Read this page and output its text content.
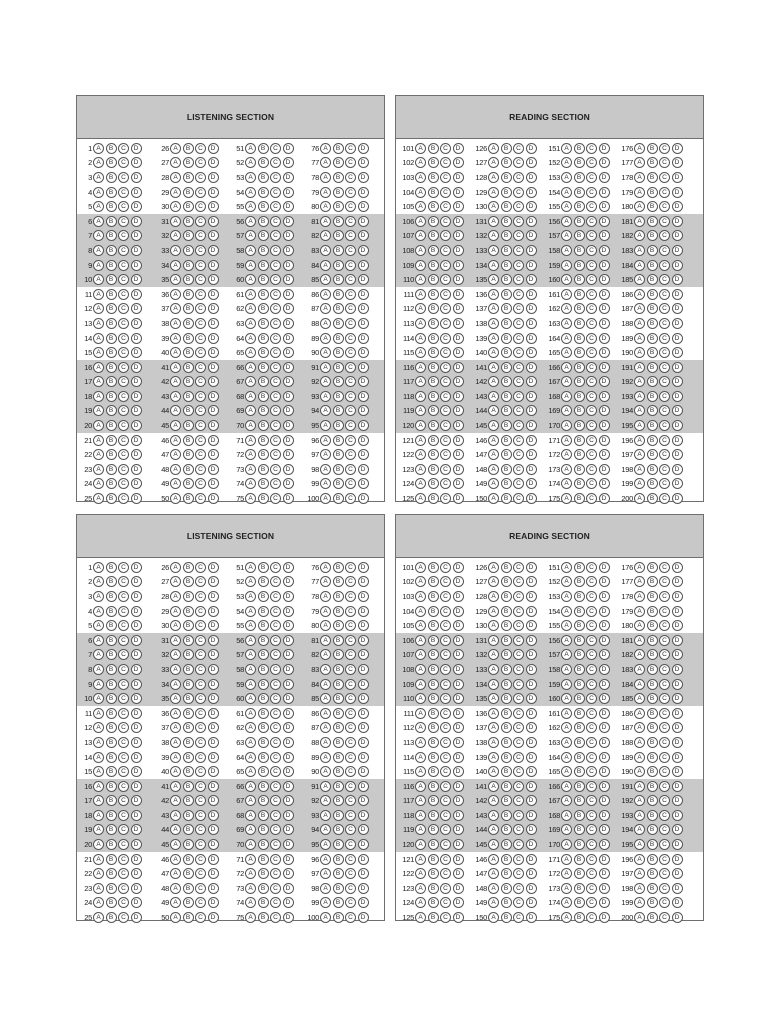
LISTENING SECTION
1 A	B	C	D	26 A	B	C	D	51 A	B	C	D	76 A	B	C	D
2 A	B	C	D	27 A	B	C	D	52 A	B	C	D	77 A	B	C	D
3 A	B	C	D	28 A	B	C	D	53 A	B	C	D	78 A	B	C	D
4 A	B	C	D	29 A	B	C	D	54 A	B	C	D	79 A	B	C	D
5 A	B	C	D	30 A	B	C	D	55 A	B	C	D	80 A	B	C	D
6 A	B	C	D	31 A	B	C	D	56 A	B	C	D	81 A	B	C	D
7 A	B	C	D	32 A	B	C	D	57 A	B	C	D	82 A	B	C	D
8 A	B	C	D	33 A	B	C	D	58 A	B	C	D	83 A	B	C	D
9 A	B	C	D	34 A	B	C	D	59 A	B	C	D	84 A	B	C	D
10 A	B	C	D	35 A	B	C	D	60 A	B	C	D	85 A	B	C	D
11 A	B	C	D	36 A	B	C	D	61 A	B	C	D	86 A	B	C	D
12 A	B	C	D	37 A	B	C	D	62 A	B	C	D	87 A	B	C	D
13 A	B	C	D	38 A	B	C	D	63 A	B	C	D	88 A	B	C	D
14 A	B	C	D	39 A	B	C	D	64 A	B	C	D	89 A	B	C	D
15 A	B	C	D	40 A	B	C	D	65 A	B	C	D	90 A	B	C	D
16 A	B	C	D	41 A	B	C	D	66 A	B	C	D	91 A	B	C	D
17 A	B	C	D	42 A	B	C	D	67 A	B	C	D	92 A	B	C	D
18 A	B	C	D	43 A	B	C	D	68 A	B	C	D	93 A	B	C	D
19 A	B	C	D	44 A	B	C	D	69 A	B	C	D	94 A	B	C	D
20 A	B	C	D	45 A	B	C	D	70 A	B	C	D	95 A	B	C	D
21 A	B	C	D	46 A	B	C	D	71 A	B	C	D	96 A	B	C	D
22 A	B	C	D	47 A	B	C	D	72 A	B	C	D	97 A	B	C	D
23 A	B	C	D	48 A	B	C	D	73 A	B	C	D	98 A	B	C	D
24 A	B	C	D	49 A	B	C	D	74 A	B	C	D	99 A	B	C	D
25 A	B	C	D	50 A	B	C	D	75 A	B	C	D	100 A	B	C	D
READING SECTION
101 A	B	C	D	126 A	B	C	D	151 A	B	C	D	176 A	B	C	D
102 A	B	C	D	127 A	B	C	D	152 A	B	C	D	177 A	B	C	D
103 A	B	C	D	128 A	B	C	D	153 A	B	C	D	178 A	B	C	D
104 A	B	C	D	129 A	B	C	D	154 A	B	C	D	179 A	B	C	D
105 A	B	C	D	130 A	B	C	D	155 A	B	C	D	180 A	B	C	D
106 A	B	C	D	131 A	B	C	D	156 A	B	C	D	181 A	B	C	D
107 A	B	C	D	132 A	B	C	D	157 A	B	C	D	182 A	B	C	D
108 A	B	C	D	133 A	B	C	D	158 A	B	C	D	183 A	B	C	D
109 A	B	C	D	134 A	B	C	D	159 A	B	C	D	184 A	B	C	D
110 A	B	C	D	135 A	B	C	D	160 A	B	C	D	185 A	B	C	D
111 A	B	C	D	136 A	B	C	D	161 A	B	C	D	186 A	B	C	D
112 A	B	C	D	137 A	B	C	D	162 A	B	C	D	187 A	B	C	D
113 A	B	C	D	138 A	B	C	D	163 A	B	C	D	188 A	B	C	D
114 A	B	C	D	139 A	B	C	D	164 A	B	C	D	189 A	B	C	D
115 A	B	C	D	140 A	B	C	D	165 A	B	C	D	190 A	B	C	D
116 A	B	C	D	141 A	B	C	D	166 A	B	C	D	191 A	B	C	D
117 A	B	C	D	142 A	B	C	D	167 A	B	C	D	192 A	B	C	D
118 A	B	C	D	143 A	B	C	D	168 A	B	C	D	193 A	B	C	D
119 A	B	C	D	144 A	B	C	D	169 A	B	C	D	194 A	B	C	D
120 A	B	C	D	145 A	B	C	D	170 A	B	C	D	195 A	B	C	D
121 A	B	C	D	146 A	B	C	D	171 A	B	C	D	196 A	B	C	D
122 A	B	C	D	147 A	B	C	D	172 A	B	C	D	197 A	B	C	D
123 A	B	C	D	148 A	B	C	D	173 A	B	C	D	198 A	B	C	D
124 A	B	C	D	149 A	B	C	D	174 A	B	C	D	199 A	B	C	D
125 A	B	C	D	150 A	B	C	D	175 A	B	C	D	200 A	B	C	D
LISTENING SECTION
1 A	B	C	D	26 A	B	C	D	51 A	B	C	D	76 A	B	C	D
2 A	B	C	D	27 A	B	C	D	52 A	B	C	D	77 A	B	C	D
3 A	B	C	D	28 A	B	C	D	53 A	B	C	D	78 A	B	C	D
4 A	B	C	D	29 A	B	C	D	54 A	B	C	D	79 A	B	C	D
5 A	B	C	D	30 A	B	C	D	55 A	B	C	D	80 A	B	C	D
6 A	B	C	D	31 A	B	C	D	56 A	B	C	D	81 A	B	C	D
7 A	B	C	D	32 A	B	C	D	57 A	B	C	D	82 A	B	C	D
8 A	B	C	D	33 A	B	C	D	58 A	B	C	D	83 A	B	C	D
9 A	B	C	D	34 A	B	C	D	59 A	B	C	D	84 A	B	C	D
10 A	B	C	D	35 A	B	C	D	60 A	B	C	D	85 A	B	C	D
11 A	B	C	D	36 A	B	C	D	61 A	B	C	D	86 A	B	C	D
12 A	B	C	D	37 A	B	C	D	62 A	B	C	D	87 A	B	C	D
13 A	B	C	D	38 A	B	C	D	63 A	B	C	D	88 A	B	C	D
14 A	B	C	D	39 A	B	C	D	64 A	B	C	D	89 A	B	C	D
15 A	B	C	D	40 A	B	C	D	65 A	B	C	D	90 A	B	C	D
16 A	B	C	D	41 A	B	C	D	66 A	B	C	D	91 A	B	C	D
17 A	B	C	D	42 A	B	C	D	67 A	B	C	D	92 A	B	C	D
18 A	B	C	D	43 A	B	C	D	68 A	B	C	D	93 A	B	C	D
19 A	B	C	D	44 A	B	C	D	69 A	B	C	D	94 A	B	C	D
20 A	B	C	D	45 A	B	C	D	70 A	B	C	D	95 A	B	C	D
21 A	B	C	D	46 A	B	C	D	71 A	B	C	D	96 A	B	C	D
22 A	B	C	D	47 A	B	C	D	72 A	B	C	D	97 A	B	C	D
23 A	B	C	D	48 A	B	C	D	73 A	B	C	D	98 A	B	C	D
24 A	B	C	D	49 A	B	C	D	74 A	B	C	D	99 A	B	C	D
25 A	B	C	D	50 A	B	C	D	75 A	B	C	D	100 A	B	C	D
READING SECTION
101 A	B	C	D	126 A	B	C	D	151 A	B	C	D	176 A	B	C	D
102 A	B	C	D	127 A	B	C	D	152 A	B	C	D	177 A	B	C	D
103 A	B	C	D	128 A	B	C	D	153 A	B	C	D	178 A	B	C	D
104 A	B	C	D	129 A	B	C	D	154 A	B	C	D	179 A	B	C	D
105 A	B	C	D	130 A	B	C	D	155 A	B	C	D	180 A	B	C	D
106 A	B	C	D	131 A	B	C	D	156 A	B	C	D	181 A	B	C	D
107 A	B	C	D	132 A	B	C	D	157 A	B	C	D	182 A	B	C	D
108 A	B	C	D	133 A	B	C	D	158 A	B	C	D	183 A	B	C	D
109 A	B	C	D	134 A	B	C	D	159 A	B	C	D	184 A	B	C	D
110 A	B	C	D	135 A	B	C	D	160 A	B	C	D	185 A	B	C	D
111 A	B	C	D	136 A	B	C	D	161 A	B	C	D	186 A	B	C	D
112 A	B	C	D	137 A	B	C	D	162 A	B	C	D	187 A	B	C	D
113 A	B	C	D	138 A	B	C	D	163 A	B	C	D	188 A	B	C	D
114 A	B	C	D	139 A	B	C	D	164 A	B	C	D	189 A	B	C	D
115 A	B	C	D	140 A	B	C	D	165 A	B	C	D	190 A	B	C	D
116 A	B	C	D	141 A	B	C	D	166 A	B	C	D	191 A	B	C	D
117 A	B	C	D	142 A	B	C	D	167 A	B	C	D	192 A	B	C	D
118 A	B	C	D	143 A	B	C	D	168 A	B	C	D	193 A	B	C	D
119 A	B	C	D	144 A	B	C	D	169 A	B	C	D	194 A	B	C	D
120 A	B	C	D	145 A	B	C	D	170 A	B	C	D	195 A	B	C	D
121 A	B	C	D	146 A	B	C	D	171 A	B	C	D	196 A	B	C	D
122 A	B	C	D	147 A	B	C	D	172 A	B	C	D	197 A	B	C	D
123 A	B	C	D	148 A	B	C	D	173 A	B	C	D	198 A	B	C	D
124 A	B	C	D	149 A	B	C	D	174 A	B	C	D	199 A	B	C	D
125 A	B	C	D	150 A	B	C	D	175 A	B	C	D	200 A	B	C	D
